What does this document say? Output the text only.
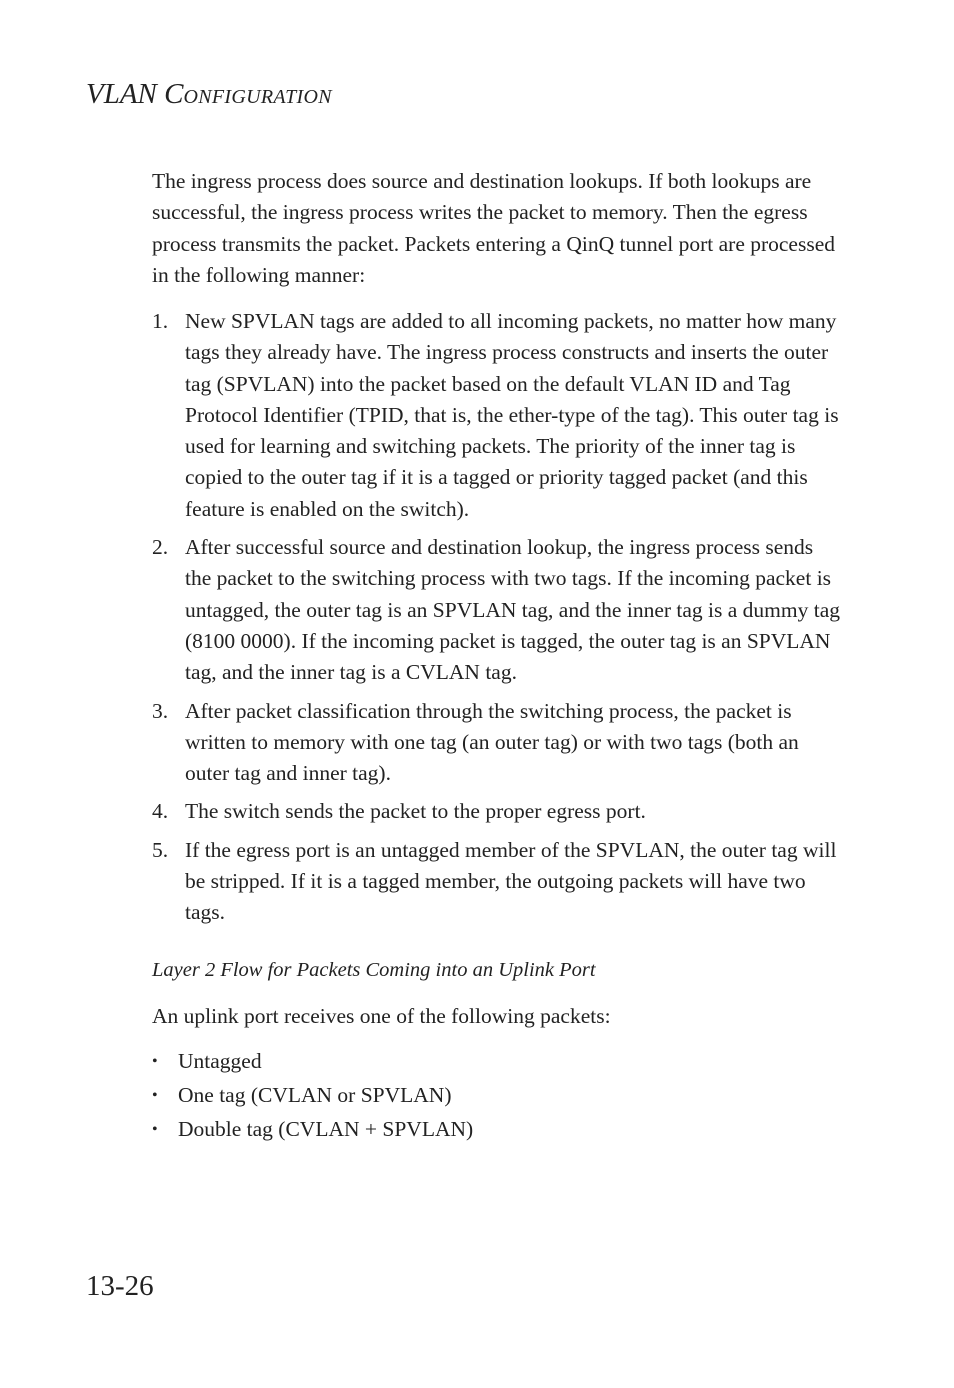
VLAN CONFIGURATION

The ingress process does source and destination lookups. If both lookups are successful, the ingress process writes the packet to memory. Then the egress process transmits the packet. Packets entering a QinQ tunnel port are processed in the following manner:

1. New SPVLAN tags are added to all incoming packets, no matter how many tags they already have. The ingress process constructs and inserts the outer tag (SPVLAN) into the packet based on the default VLAN ID and Tag Protocol Identifier (TPID, that is, the ether-type of the tag). This outer tag is used for learning and switching packets. The priority of the inner tag is copied to the outer tag if it is a tagged or priority tagged packet (and this feature is enabled on the switch).
2. After successful source and destination lookup, the ingress process sends the packet to the switching process with two tags. If the incoming packet is untagged, the outer tag is an SPVLAN tag, and the inner tag is a dummy tag (8100 0000). If the incoming packet is tagged, the outer tag is an SPVLAN tag, and the inner tag is a CVLAN tag.
3. After packet classification through the switching process, the packet is written to memory with one tag (an outer tag) or with two tags (both an outer tag and inner tag).
4. The switch sends the packet to the proper egress port.
5. If the egress port is an untagged member of the SPVLAN, the outer tag will be stripped. If it is a tagged member, the outgoing packets will have two tags.

Layer 2 Flow for Packets Coming into an Uplink Port

An uplink port receives one of the following packets:

• Untagged
• One tag (CVLAN or SPVLAN)
• Double tag (CVLAN + SPVLAN)

13-26
